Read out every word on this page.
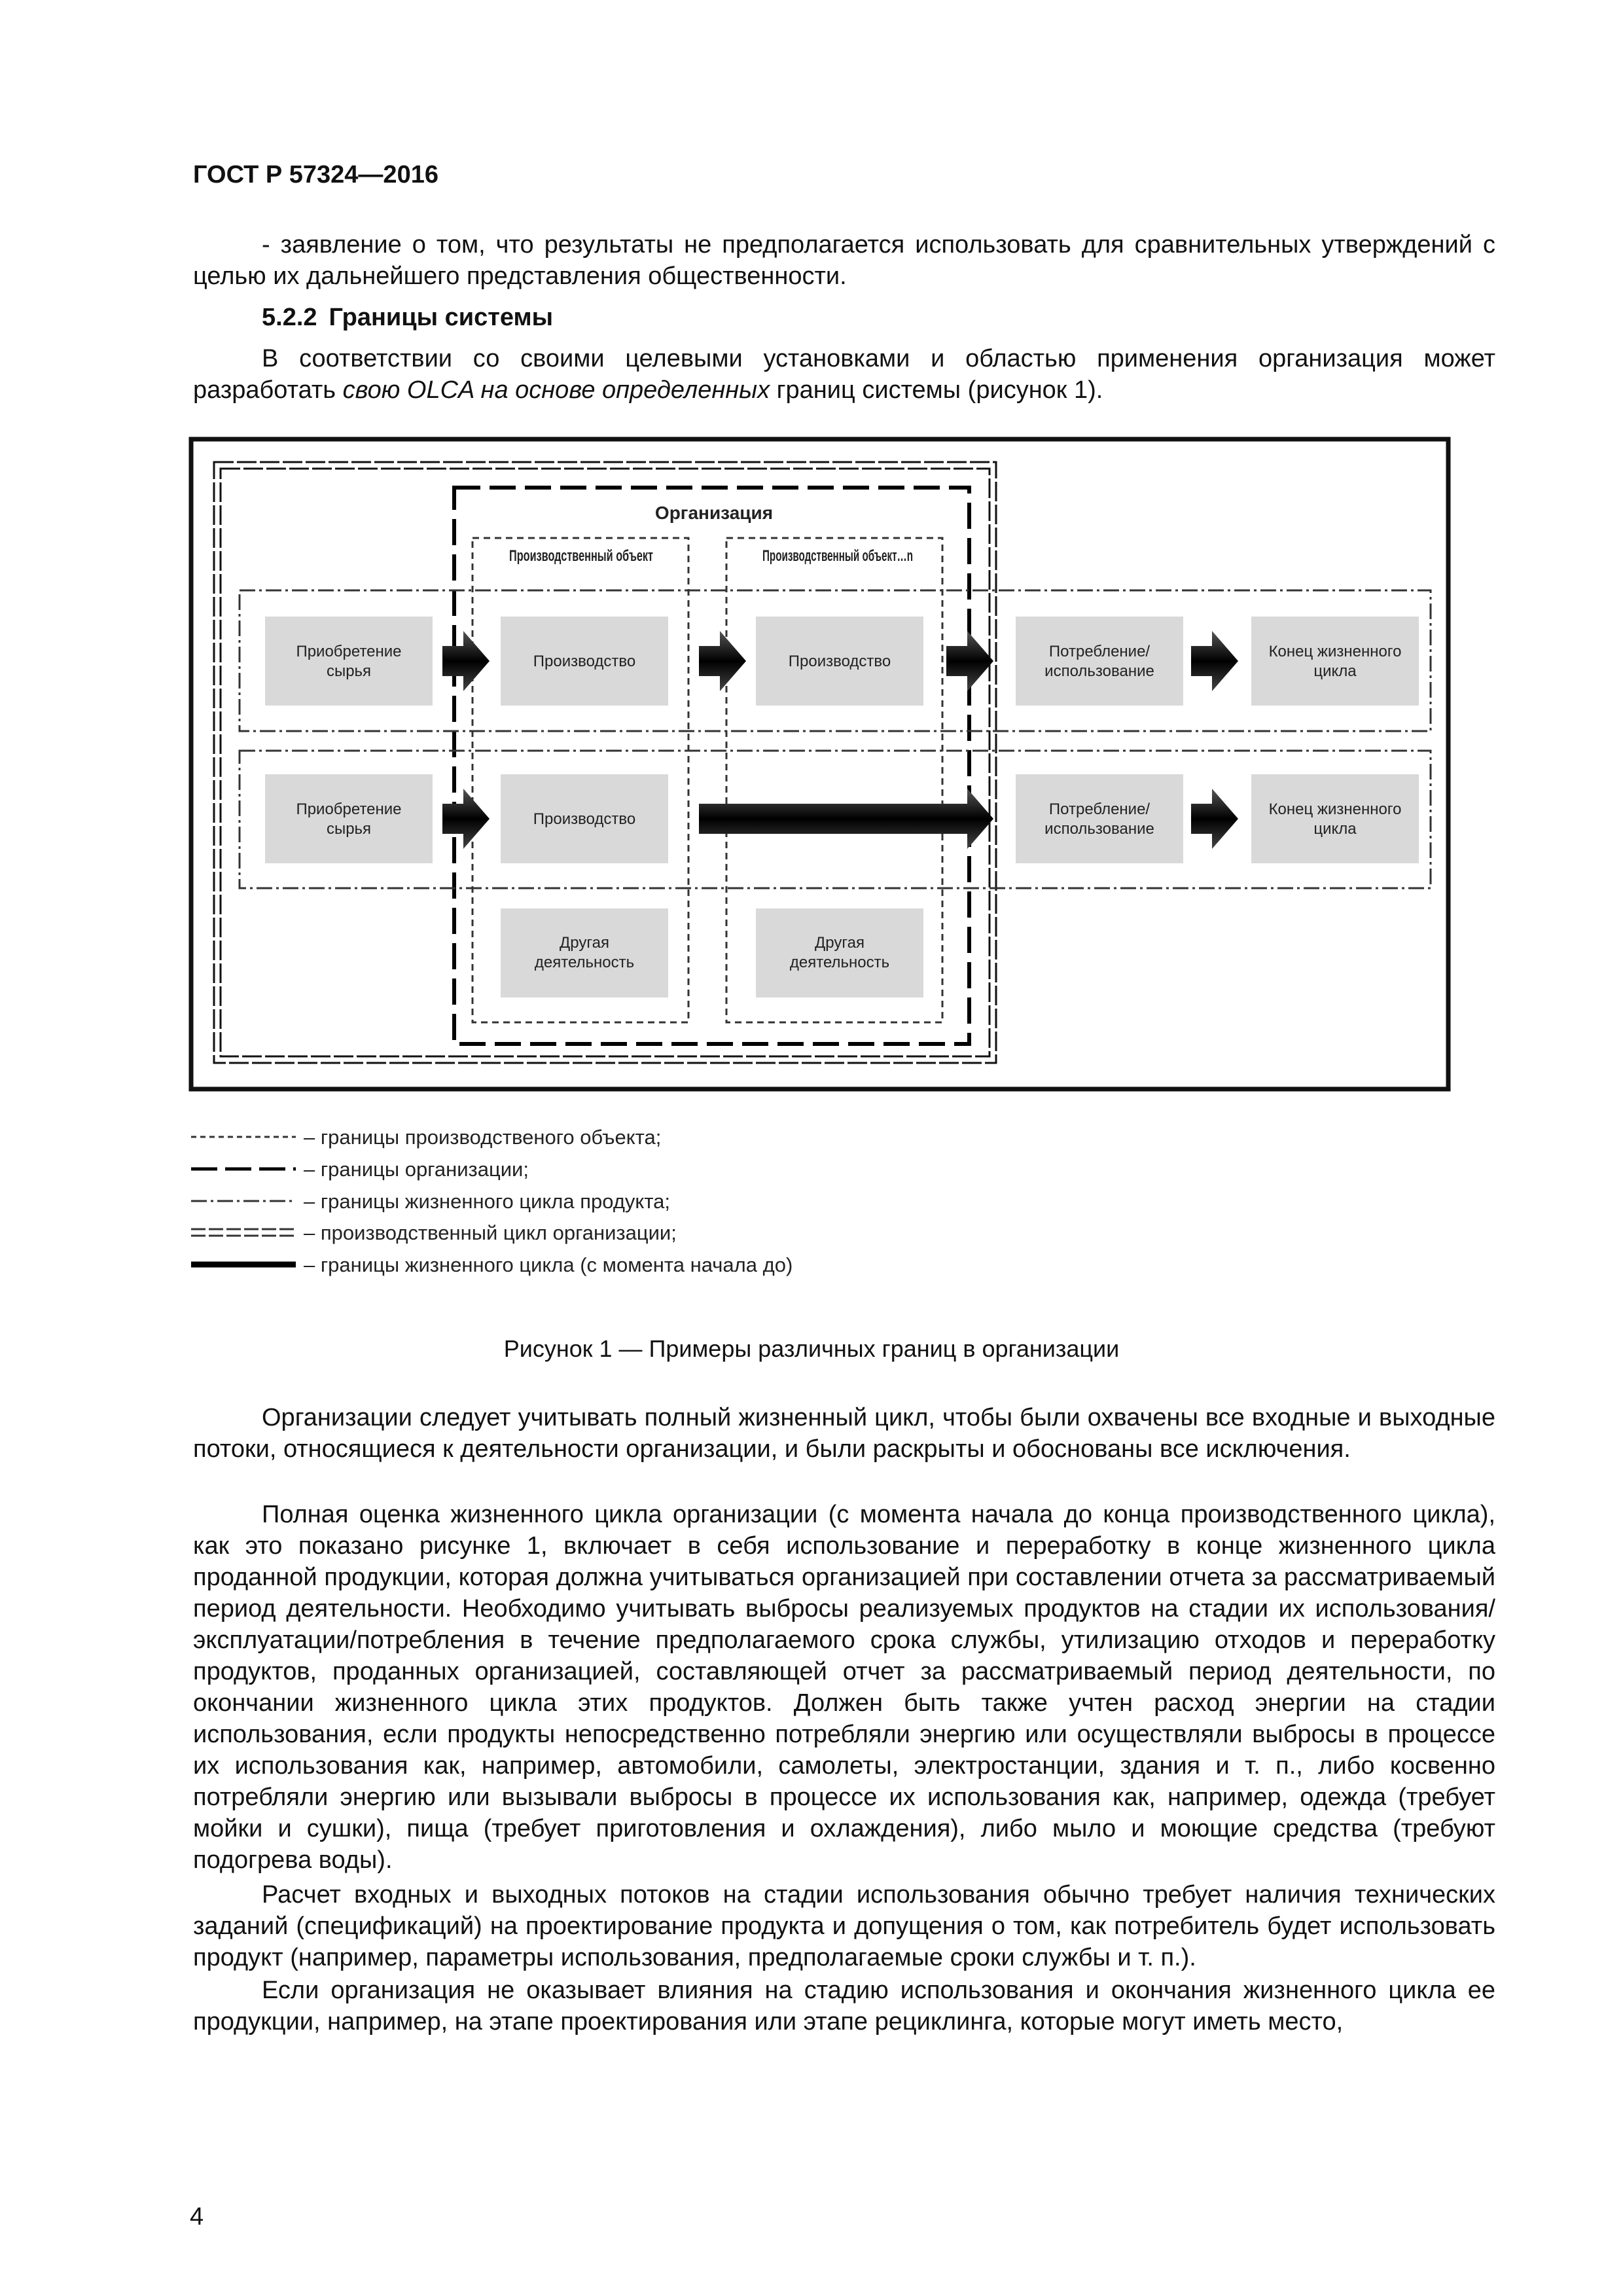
ГОСТ Р 57324—2016

- заявление о том, что результаты не предполагается использовать для сравнительных утверждений с целью их дальнейшего представления общественности.

5.2.2 Границы системы

В соответствии со своими целевыми установками и областью применения организация может разработать свою OLCA на основе определенных границ системы (рисунок 1).

Организация
Производственный объект	Производственный объект…n
Приобретение сырья
Производство	Производство
Потребление/ использование
Конец жизненного цикла
Приобретение сырья
Производство
Потребление/ использование
Конец жизненного цикла
Другая деятельность
Другая деятельность
– границы производственого объекта;
– границы организации;
– границы жизненного цикла продукта;
– производственный цикл организации;
– границы жизненного цикла (с момента начала до)

Рисунок 1 — Примеры различных границ в организации

Организации следует учитывать полный жизненный цикл, чтобы были охвачены все входные и выходные потоки, относящиеся к деятельности организации, и были раскрыты и обоснованы все исключения.

Полная оценка жизненного цикла организации (с момента начала до конца производственного цикла), как это показано рисунке 1, включает в себя использование и переработку в конце жизненного цикла проданной продукции, которая должна учитываться организацией при составлении отчета за рассматриваемый период деятельности. Необходимо учитывать выбросы реализуемых продуктов на стадии их использования/эксплуатации/потребления в течение предполагаемого срока службы, утилизацию отходов и переработку продуктов, проданных организацией, составляющей отчет за рассматриваемый период деятельности, по окончании жизненного цикла этих продуктов. Должен быть также учтен расход энергии на стадии использования, если продукты непосредственно потребляли энергию или осуществляли выбросы в процессе их использования как, например, автомобили, самолеты, электростанции, здания и т. п., либо косвенно потребляли энергию или вызывали выбросы в процессе их использования как, например, одежда (требует мойки и сушки), пища (требует приготовления и охлаждения), либо мыло и моющие средства (требуют подогрева воды).

Расчет входных и выходных потоков на стадии использования обычно требует наличия технических заданий (спецификаций) на проектирование продукта и допущения о том, как потребитель будет использовать продукт (например, параметры использования, предполагаемые сроки службы и т. п.).

Если организация не оказывает влияния на стадию использования и окончания жизненного цикла ее продукции, например, на этапе проектирования или этапе рециклинга, которые могут иметь место,

4
